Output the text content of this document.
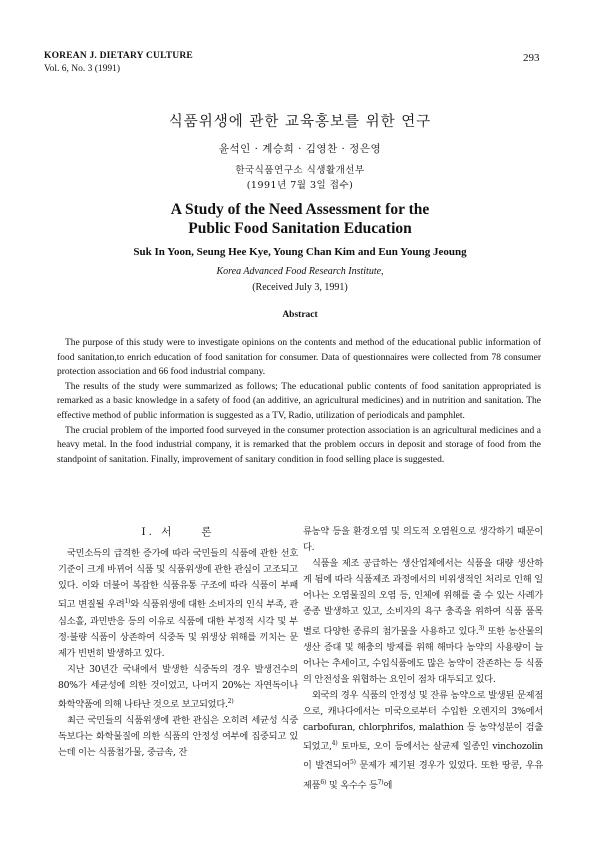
KOREAN J. DIETARY CULTURE
Vol. 6, No. 3 (1991)
293
식품위생에 관한 교육홍보를 위한 연구
윤석인 · 계승희 · 김영찬 · 정은영
한국식품연구소 식생활개선부
(1991년 7월 3일 접수)
A Study of the Need Assessment for the
Public Food Sanitation Education
Suk In Yoon, Seung Hee Kye, Young Chan Kim and Eun Young Jeoung
Korea Advanced Food Research Institute,
(Received July 3, 1991)
Abstract

The purpose of this study were to investigate opinions on the contents and method of the educational public information of food sanitation,to enrich education of food sanitation for consumer. Data of questionnaires were collected from 78 consumer protection association and 66 food industrial company.

The results of the study were summarized as follows; The educational public contents of food sanitation appropriated is remarked as a basic knowledge in a safety of food (an additive, an agricultural medicines) and in nutrition and sanitation. The effective method of public information is suggested as a TV, Radio, utilization of periodicals and pamphlet.

The crucial problem of the imported food surveyed in the consumer protection association is an agricultural medicines and a heavy metal. In the food industrial company, it is remarked that the problem occurs in deposit and storage of food from the standpoint of sanitation. Finally, improvement of sanitary condition in food selling place is suggested.

I. 서　　론

국민소득의 급격한 증가에 따라 국민들의 식품에 관한 선호 기준이 크게 바뀌어 식품 및 식품위생에 관한 관심이 고조되고 있다. 이와 더불어 복잡한 식품유통 구조에 따라 식품이 부패되고 변질될 우려$^{1)}$와 식품위생에 대한 소비자의 인식 부족, 관심소홀, 과민반응 등의 이유로 식품에 대한 부정적 시각 및 부정·불량 식품이 상존하여 식중독 및 위생상 위해를 끼치는 문제가 빈번히 발생하고 있다.

지난 30년간 국내에서 발생한 식중독의 경우 발생건수의 80%가 세균성에 의한 것이었고, 나머지 20%는 자연독이나 화학약품에 의해 나타난 것으로 보고되었다.$^{2)}$

최근 국민들의 식품위생에 관한 관심은 오히려 세균성 식중독보다는 화학물질에 의한 식품의 안정성 여부에 집중되고 있는데 이는 식품첨가물, 중금속, 잔

류농약 등을 환경오염 및 의도적 오염원으로 생각하기 때문이다.

식품을 제조 공급하는 생산업체에서는 식품을 대량 생산하게 됨에 따라 식품제조 과정에서의 비위생적인 처리로 인해 일어나는 오염물질의 오염 등, 인체에 위해를 줄 수 있는 사례가 종종 발생하고 있고, 소비자의 욕구 충족을 위하여 식품 품목별로 다양한 종류의 첨가물을 사용하고 있다.$^{3)}$ 또한 농산물의 생산 증대 및 해충의 방제를 위해 해마다 농약의 사용량이 늘어나는 추세이고, 수입식품에도 많은 농약이 잔존하는 등 식품의 안전성을 위협하는 요인이 점차 대두되고 있다.

외국의 경우 식품의 안정성 및 잔류 농약으로 발생된 문제점으로, 캐나다에서는 미국으로부터 수입한 오렌지의 3%에서 carbofuran, chlorphrifos, malathion 등 농약성분이 검출되었고,$^{4)}$ 토마토, 오이 등에서는 살균제 일종인 vinchozolin이 발견되어$^{5)}$ 문제가 제기된 경우가 있었다. 또한 땅콩, 우유제품$^{6)}$ 및 옥수수 등$^{7)}$에
